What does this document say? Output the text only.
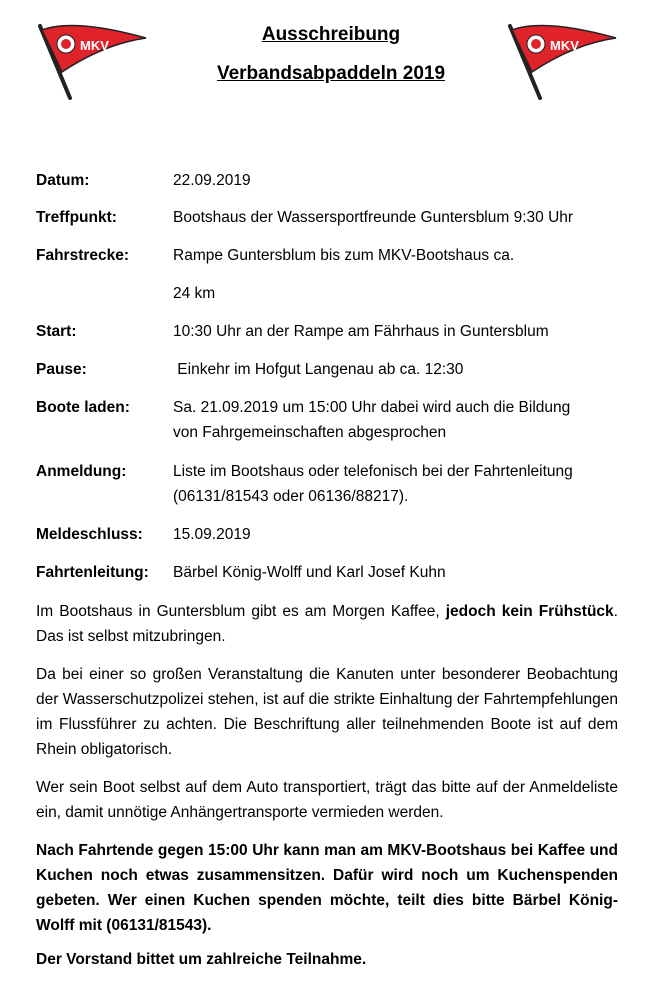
MKV	MKV
Ausschreibung
Verbandsabpaddeln 2019
Datum:	22.09.2019
Treffpunkt:	Bootshaus der Wassersportfreunde Guntersblum 9:30 Uhr
Fahrstrecke:	Rampe Guntersblum bis zum MKV-Bootshaus ca.
24 km
Start:	10:30 Uhr an der Rampe am Fährhaus in Guntersblum
Pause:	Einkehr im Hofgut Langenau ab ca. 12:30
Boote laden:	Sa. 21.09.2019 um 15:00 Uhr dabei wird auch die Bildung
von Fahrgemeinschaften abgesprochen
Anmeldung:	Liste im Bootshaus oder telefonisch bei der Fahrtenleitung
(06131/81543 oder 06136/88217).
Meldeschluss: 15.09.2019
Fahrtenleitung: Bärbel König-Wolff und Karl Josef Kuhn
Im Bootshaus in Guntersblum gibt es am Morgen Kaffee, jedoch kein Frühstück. Das ist selbst mitzubringen.
Da bei einer so großen Veranstaltung die Kanuten unter besonderer Beobachtung der Wasserschutzpolizei stehen, ist auf die strikte Einhaltung der Fahrtempfehlungen im Flussführer zu achten. Die Beschriftung aller teilnehmenden Boote ist auf dem Rhein obligatorisch.
Wer sein Boot selbst auf dem Auto transportiert, trägt das bitte auf der Anmeldeliste ein, damit unnötige Anhängertransporte vermieden werden.
Nach Fahrtende gegen 15:00 Uhr kann man am MKV-Bootshaus bei Kaffee und Kuchen noch etwas zusammensitzen. Dafür wird noch um Kuchenspenden gebeten. Wer einen Kuchen spenden möchte, teilt dies bitte Bärbel König-Wolff mit (06131/81543).
Der Vorstand bittet um zahlreiche Teilnahme.
